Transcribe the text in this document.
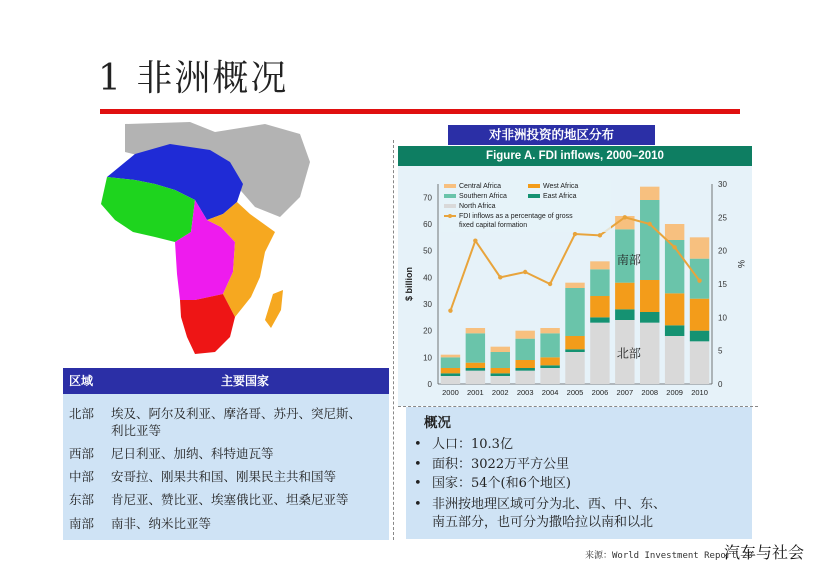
1 非洲概况
区域	主要国家
北部 埃及、阿尔及利亚、摩洛哥、苏丹、突尼斯、
利比亚等
西部 尼日利亚、加纳、科特迪瓦等
中部 安哥拉、刚果共和国、刚果民主共和国等
东部 肯尼亚、赞比亚、埃塞俄比亚、坦桑尼亚等
南部 南非、纳米比亚等
对非洲投资的地区分布
Figure A. FDI inflows, 2000–2010
0
10
20
30
40
50
60
70
0
5
10
15
20
25
30
$ billion
%
2000 2001 2002 2003 2004 2005 2006 2007 2008 2009 2010
南部
北部
Central Africa	West Africa
Southern Africa	East Africa
North Africa
FDI inflows as a percentage of gross
fixed capital formation
概况
• 人口：10.3亿
• 面积：3022万平方公里
• 国家：54个(和6个地区)
• 非洲按地理区域可分为北、西、中、东、
南五部分，也可分为撒哈拉以南和以北
来源：World Investment Report 20
汽车与社会
